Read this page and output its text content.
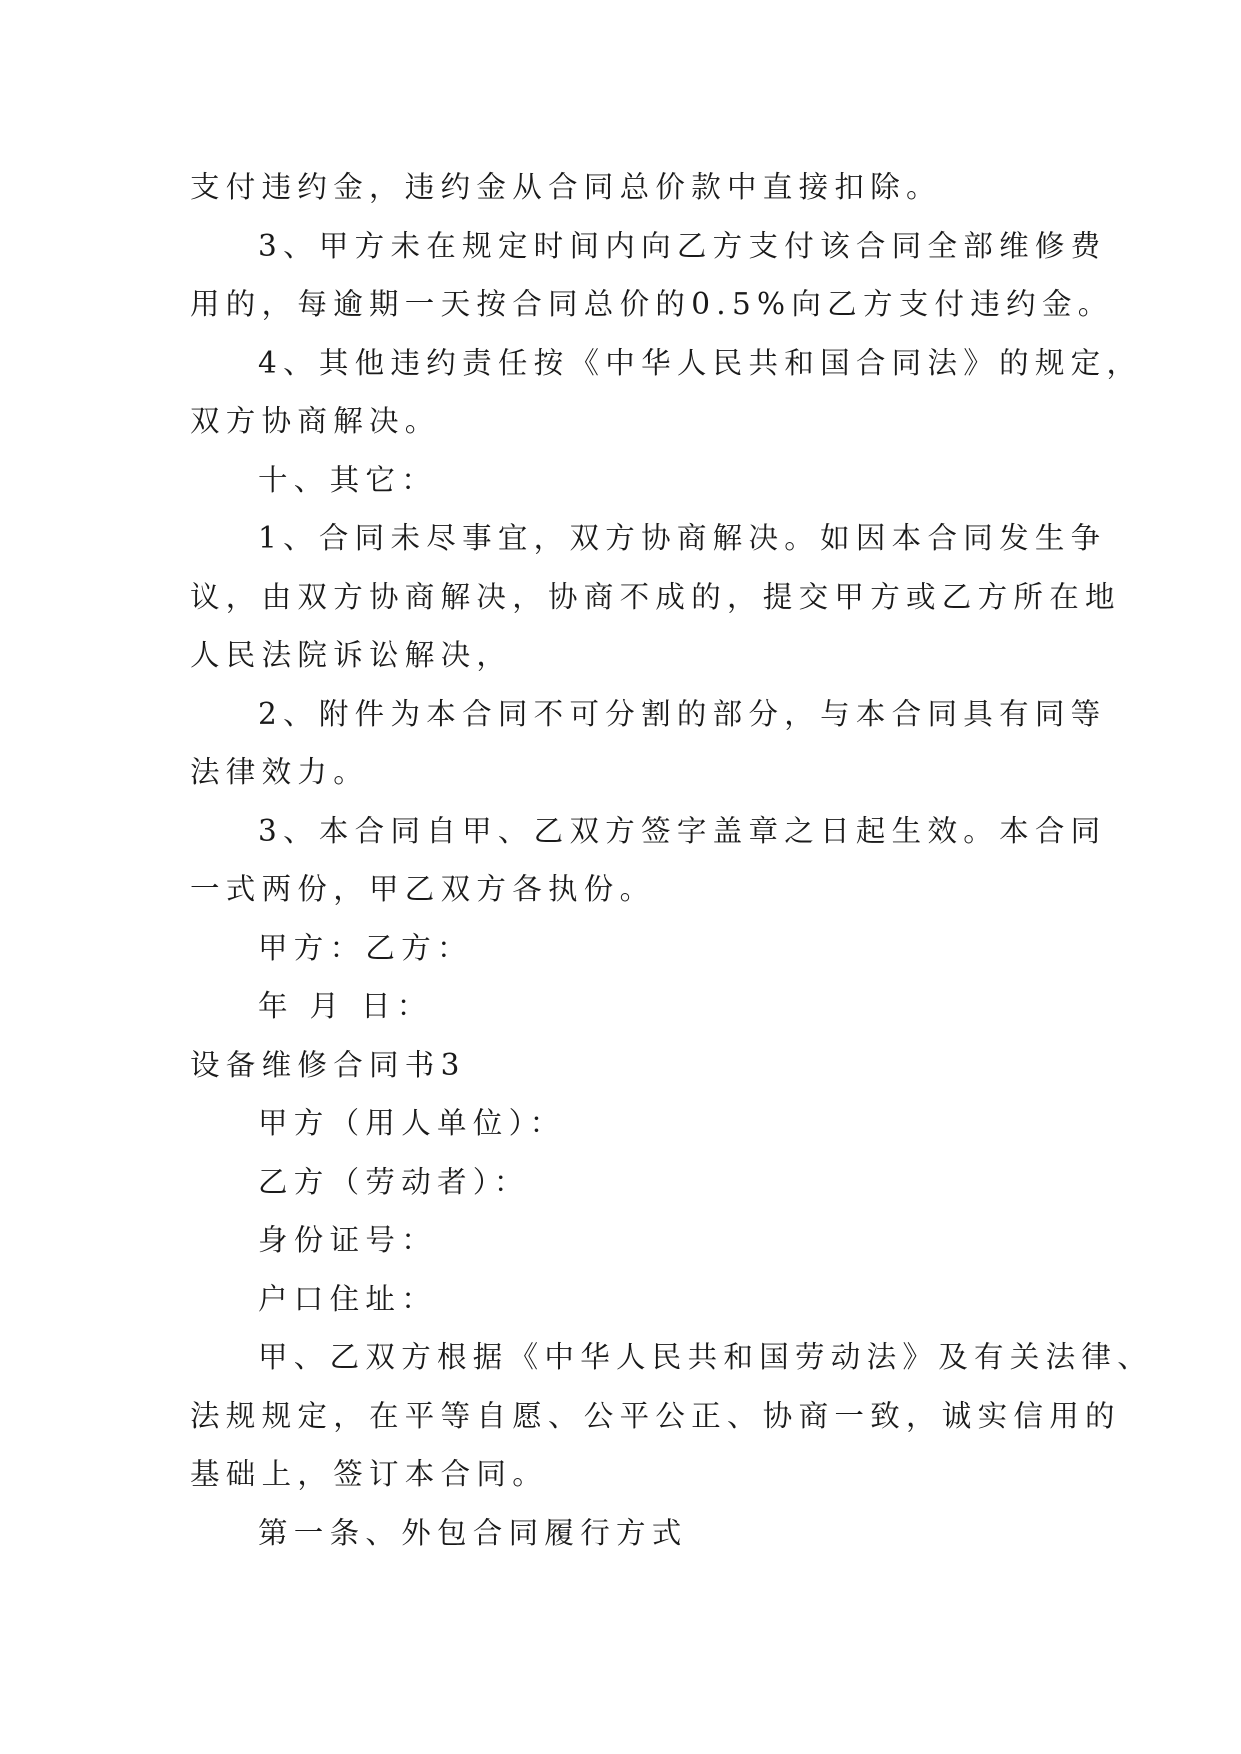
支付违约金，违约金从合同总价款中直接扣除。
3、甲方未在规定时间内向乙方支付该合同全部维修费
用的，每逾期一天按合同总价的0.5%向乙方支付违约金。
4、其他违约责任按《中华人民共和国合同法》的规定，
双方协商解决。
十、其它：
1、合同未尽事宜，双方协商解决。如因本合同发生争
议，由双方协商解决，协商不成的，提交甲方或乙方所在地
人民法院诉讼解决，
2、附件为本合同不可分割的部分，与本合同具有同等
法律效力。
3、本合同自甲、乙双方签字盖章之日起生效。本合同
一式两份，甲乙双方各执份。
甲方：乙方：
年 月 日：
设备维修合同书3
甲方（用人单位）：
乙方（劳动者）：
身份证号：
户口住址：
甲、乙双方根据《中华人民共和国劳动法》及有关法律、
法规规定，在平等自愿、公平公正、协商一致，诚实信用的
基础上，签订本合同。
第一条、外包合同履行方式
